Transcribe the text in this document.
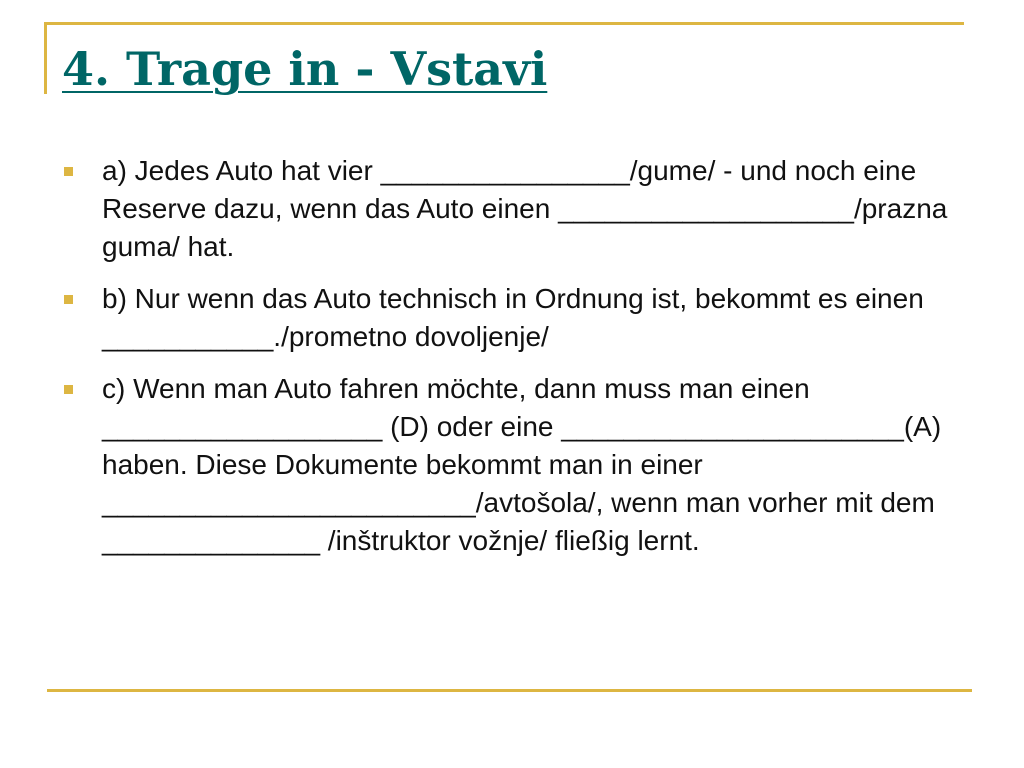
4. Trage in - Vstavi
a) Jedes Auto hat vier ________________/gume/ - und noch eine Reserve dazu, wenn das Auto einen ___________________/prazna guma/ hat.
b) Nur wenn das Auto technisch in Ordnung ist, bekommt es einen ___________./prometno dovoljenje/
c) Wenn man Auto fahren möchte, dann muss man einen __________________ (D) oder eine ______________________(A) haben. Diese Dokumente bekommt man in einer ________________________/avtošola/, wenn man vorher mit dem ______________ /inštruktor vožnje/ fließig lernt.
